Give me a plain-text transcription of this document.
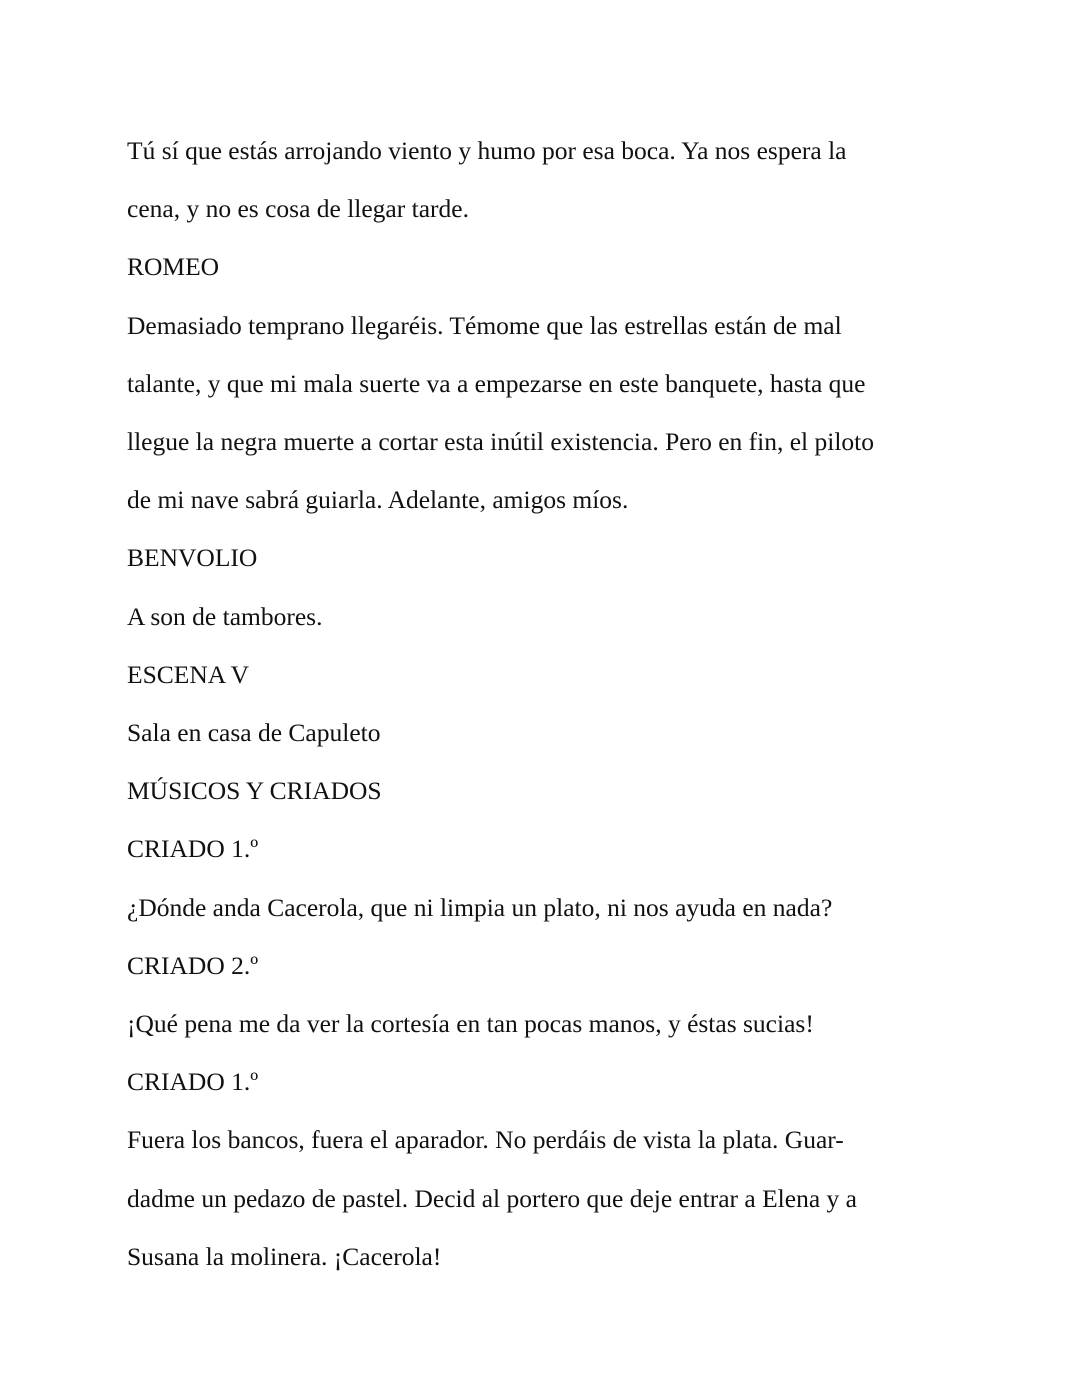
Tú sí que estás arrojando viento y humo por esa boca. Ya nos espera la

cena, y no es cosa de llegar tarde.

ROMEO

Demasiado temprano llegaréis. Témome que las estrellas están de mal

talante, y que mi mala suerte va a empezarse en este banquete, hasta que

llegue la negra muerte a cortar esta inútil existencia. Pero en fin, el piloto

de mi nave sabrá guiarla. Adelante, amigos míos.

BENVOLIO

A son de tambores.

ESCENA V

Sala en casa de Capuleto

MÚSICOS Y CRIADOS

CRIADO 1.º

¿Dónde anda Cacerola, que ni limpia un plato, ni nos ayuda en nada?

CRIADO 2.º

¡Qué pena me da ver la cortesía en tan pocas manos, y éstas sucias!

CRIADO 1.º

Fuera los bancos, fuera el aparador. No perdáis de vista la plata. Guar-

dadme un pedazo de pastel. Decid al portero que deje entrar a Elena y a

Susana la molinera. ¡Cacerola!
